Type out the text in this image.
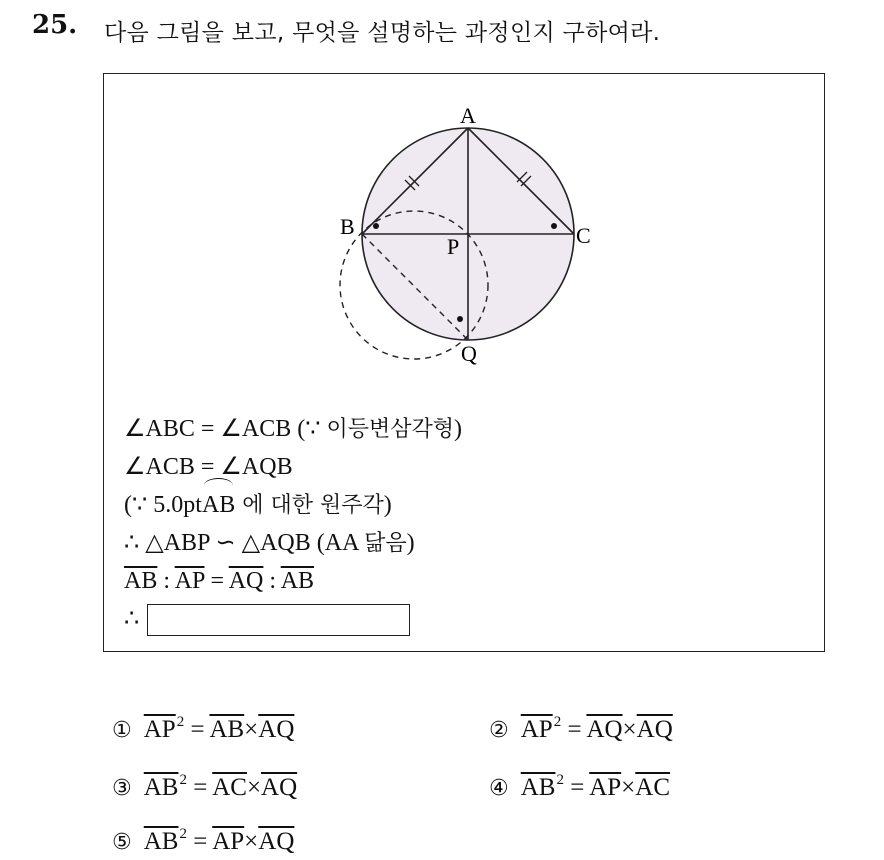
25. 다음 그림을 보고, 무엇을 설명하는 과정인지 구하여라.
A
B	C
P
Q
∠ABC = ∠ACB (∵ 이등변삼각형)
∠ACB = ∠AQB
(∵ 5.0ptAB 에 대한 원주각)
∴ △ABP ∽ △AQB (AA 닮음)
$\overline{AB}$ : $\overline{AP} = \overline{AQ}$ : $\overline{AB}$
∴
① $\overline{AP}^2 = \overline{AB}\times\overline{AQ}$	② $\overline{AP}^2 = \overline{AQ}\times\overline{AQ}$
③ $\overline{AB}^2 = \overline{AC}\times\overline{AQ}$	④ $\overline{AB}^2 = \overline{AP}\times\overline{AC}$
⑤ $\overline{AB}^2 = \overline{AP}\times\overline{AQ}$
